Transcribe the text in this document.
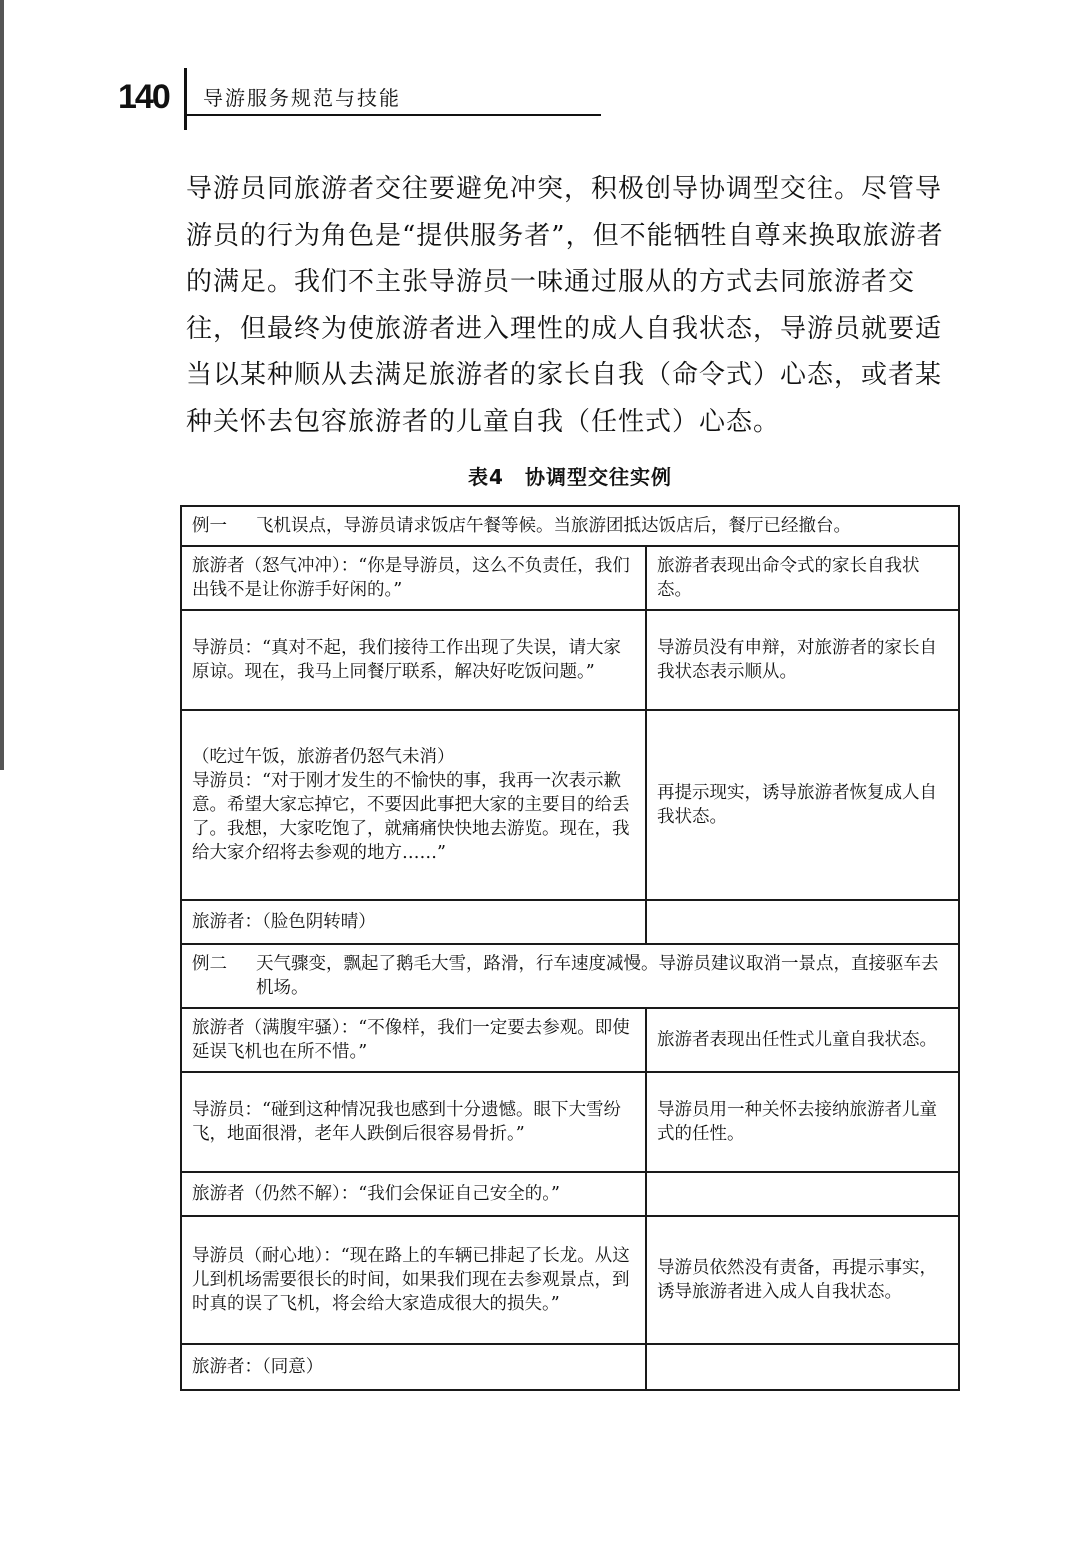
140 导游服务规范与技能

导游员同旅游者交往要避免冲突，积极创导协调型交往。尽管导游员的行为角色是“提供服务者”，但不能牺牲自尊来换取旅游者的满足。我们不主张导游员一味通过服从的方式去同旅游者交往，但最终为使旅游者进入理性的成人自我状态，导游员就要适当以某种顺从去满足旅游者的家长自我（命令式）心态，或者某种关怀去包容旅游者的儿童自我（任性式）心态。

表4　协调型交往实例
例一 飞机误点，导游员请求饭店午餐等候。当旅游团抵达饭店后，餐厅已经撤台。	

旅游者（怒气冲冲）：“你是导游员，这么不负责任，我们出钱不是让你游手好闲的。”	旅游者表现出命令式的家长自我状态。
导游员：“真对不起，我们接待工作出现了失误，请大家原谅。现在，我马上同餐厅联系，解决好吃饭问题。”	导游员没有申辩，对旅游者的家长自我状态表示顺从。
（吃过午饭，旅游者仍怒气未消）
导游员：“对于刚才发生的不愉快的事，我再一次表示歉意。希望大家忘掉它，不要因此事把大家的主要目的给丢了。我想，大家吃饱了，就痛痛快快地去游览。现在，我给大家介绍将去参观的地方……”	再提示现实，诱导旅游者恢复成人自我状态。
旅游者：（脸色阴转晴）	

例二 天气骤变，飘起了鹅毛大雪，路滑，行车速度减慢。导游员建议取消一景点，直接驱车去机场。	

旅游者（满腹牢骚）：“不像样，我们一定要去参观。即使延误飞机也在所不惜。”	旅游者表现出任性式儿童自我状态。
导游员：“碰到这种情况我也感到十分遗憾。眼下大雪纷飞，地面很滑，老年人跌倒后很容易骨折。”	导游员用一种关怀去接纳旅游者儿童式的任性。
旅游者（仍然不解）：“我们会保证自己安全的。”	
导游员（耐心地）：“现在路上的车辆已排起了长龙。从这儿到机场需要很长的时间，如果我们现在去参观景点，到时真的误了飞机，将会给大家造成很大的损失。”	导游员依然没有责备，再提示事实，诱导旅游者进入成人自我状态。
旅游者：（同意）	
